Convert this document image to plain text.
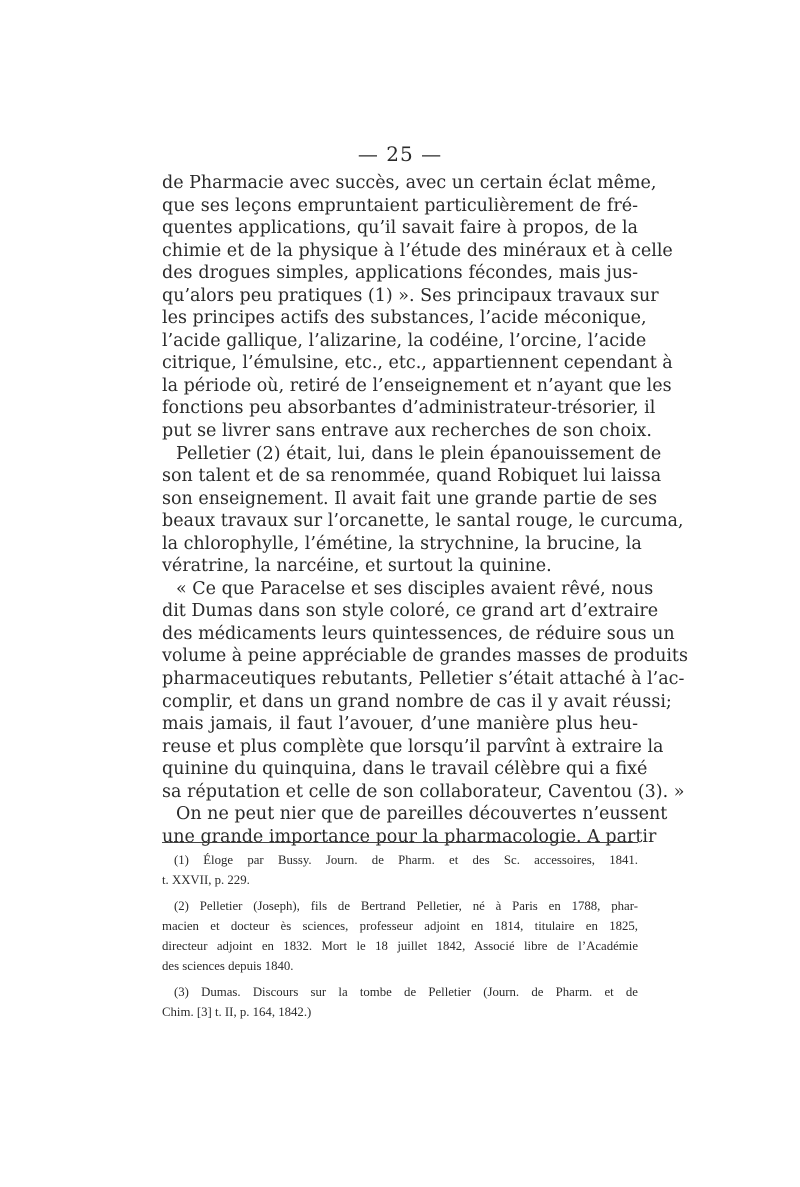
— 25 —
de Pharmacie avec succès, avec un certain éclat même,
que ses leçons empruntaient particulièrement de fré-
quentes applications, qu’il savait faire à propos, de la
chimie et de la physique à l’étude des minéraux et à celle
des drogues simples, applications fécondes, mais jus-
qu’alors peu pratiques (1) ». Ses principaux travaux sur
les principes actifs des substances, l’acide méconique,
l’acide gallique, l’alizarine, la codéine, l’orcine, l’acide
citrique, l’émulsine, etc., etc., appartiennent cependant à
la période où, retiré de l’enseignement et n’ayant que les
fonctions peu absorbantes d’administrateur-trésorier, il
put se livrer sans entrave aux recherches de son choix.
Pelletier (2) était, lui, dans le plein épanouissement de
son talent et de sa renommée, quand Robiquet lui laissa
son enseignement. Il avait fait une grande partie de ses
beaux travaux sur l’orcanette, le santal rouge, le curcuma,
la chlorophylle, l’émétine, la strychnine, la brucine, la
vératrine, la narcéine, et surtout la quinine.
« Ce que Paracelse et ses disciples avaient rêvé, nous
dit Dumas dans son style coloré, ce grand art d’extraire
des médicaments leurs quintessences, de réduire sous un
volume à peine appréciable de grandes masses de produits
pharmaceutiques rebutants, Pelletier s’était attaché à l’ac-
complir, et dans un grand nombre de cas il y avait réussi;
mais jamais, il faut l’avouer, d’une manière plus heu-
reuse et plus complète que lorsqu’il parvînt à extraire la
quinine du quinquina, dans le travail célèbre qui a fixé
sa réputation et celle de son collaborateur, Caventou (3). »
On ne peut nier que de pareilles découvertes n’eussent
une grande importance pour la pharmacologie. A partir
(1) Éloge par Bussy. Journ. de Pharm. et des Sc. accessoires, 1841.
t. XXVII, p. 229.
(2) Pelletier (Joseph), fils de Bertrand Pelletier, né à Paris en 1788, phar-
macien et docteur ès sciences, professeur adjoint en 1814, titulaire en 1825,
directeur adjoint en 1832. Mort le 18 juillet 1842, Associé libre de l’Académie
des sciences depuis 1840.
(3) Dumas. Discours sur la tombe de Pelletier (Journ. de Pharm. et de
Chim. [3] t. II, p. 164, 1842.)
